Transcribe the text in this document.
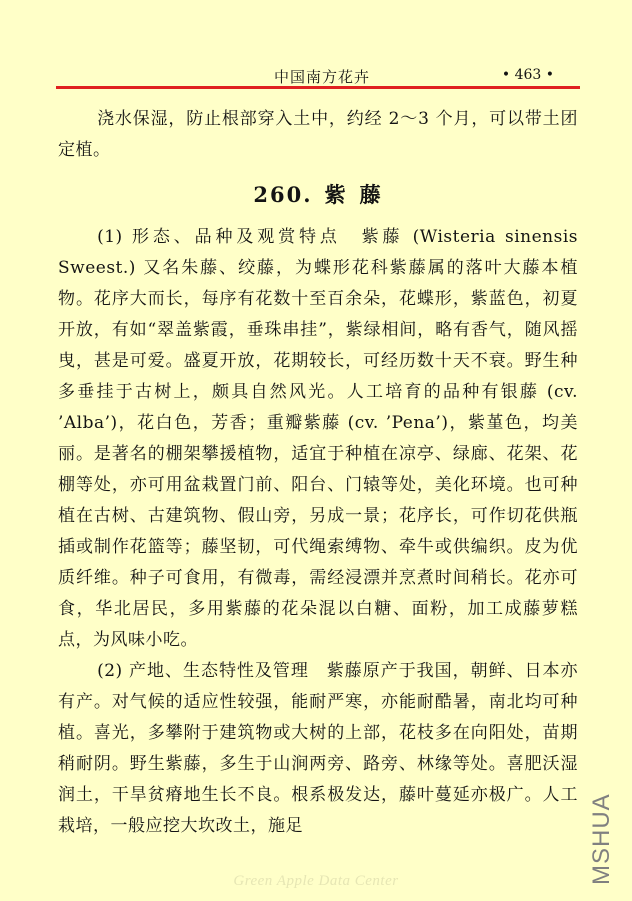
中国南方花卉	• 463 •

浇水保湿，防止根部穿入土中，约经 2～3 个月，可以带土团定植。

260. 紫 藤

(1) 形态、品种及观赏特点　紫藤 (Wisteria sinensis Sweest.) 又名朱藤、绞藤，为蝶形花科紫藤属的落叶大藤本植物。花序大而长，每序有花数十至百余朵，花蝶形，紫蓝色，初夏开放，有如“翠盖紫霞，垂珠串挂”，紫绿相间，略有香气，随风摇曳，甚是可爱。盛夏开放，花期较长，可经历数十天不衰。野生种多垂挂于古树上，颇具自然风光。人工培育的品种有银藤 (cv. ’Alba’)，花白色，芳香；重瓣紫藤 (cv. ’Pena’)，紫堇色，均美丽。是著名的棚架攀援植物，适宜于种植在凉亭、绿廊、花架、花棚等处，亦可用盆栽置门前、阳台、门辕等处，美化环境。也可种植在古树、古建筑物、假山旁，另成一景；花序长，可作切花供瓶插或制作花篮等；藤坚韧，可代绳索缚物、牵牛或供编织。皮为优质纤维。种子可食用，有微毒，需经浸漂并烹煮时间稍长。花亦可食，华北居民，多用紫藤的花朵混以白糖、面粉，加工成藤萝糕点，为风味小吃。

(2) 产地、生态特性及管理　紫藤原产于我国，朝鲜、日本亦有产。对气候的适应性较强，能耐严寒，亦能耐酷暑，南北均可种植。喜光，多攀附于建筑物或大树的上部，花枝多在向阳处，苗期稍耐阴。野生紫藤，多生于山涧两旁、路旁、林缘等处。喜肥沃湿润土，干旱贫瘠地生长不良。根系极发达，藤叶蔓延亦极广。人工栽培，一般应挖大坎改土，施足

Green Apple Data Center	MSHUA
